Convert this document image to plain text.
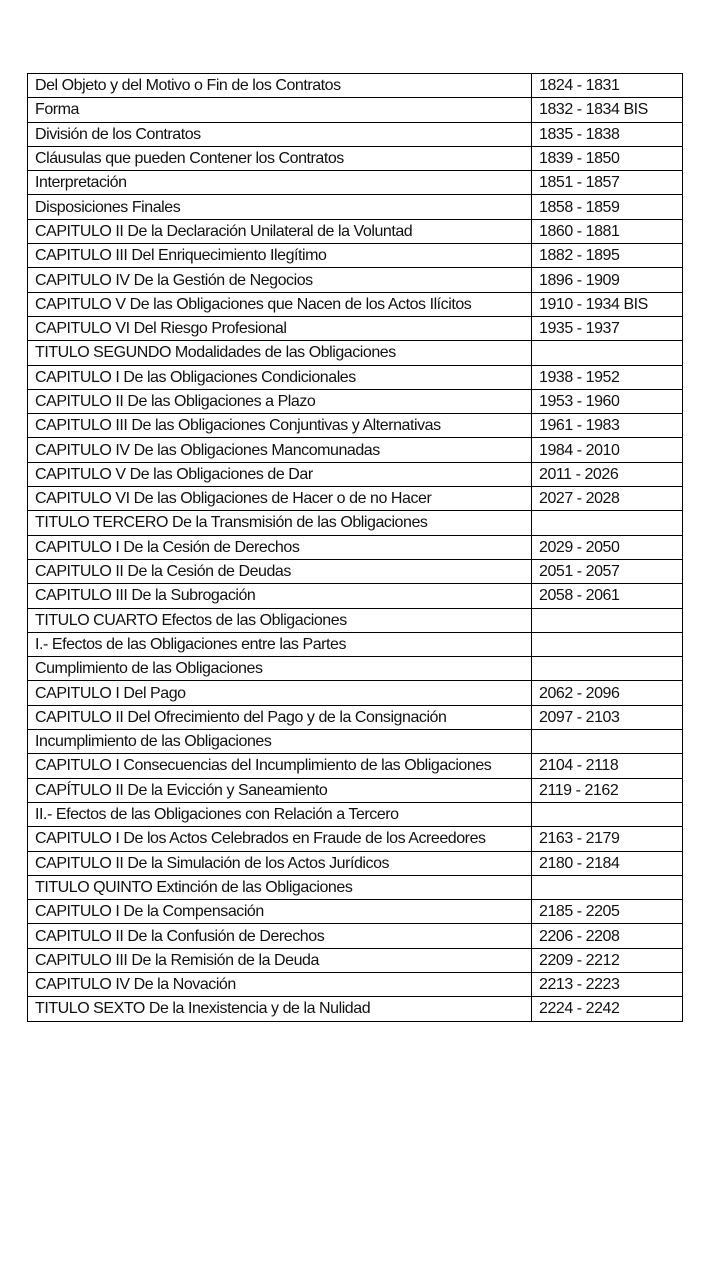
Del Objeto y del Motivo o Fin de los Contratos	1824 - 1831
Forma	1832 - 1834 BIS
División de los Contratos	1835 - 1838
Cláusulas que pueden Contener los Contratos	1839 - 1850
Interpretación	1851 - 1857
Disposiciones Finales	1858 - 1859
CAPITULO II De la Declaración Unilateral de la Voluntad	1860 - 1881
CAPITULO III Del Enriquecimiento Ilegítimo	1882 - 1895
CAPITULO IV De la Gestión de Negocios	1896 - 1909
CAPITULO V De las Obligaciones que Nacen de los Actos Ilícitos	1910 - 1934 BIS
CAPITULO VI Del Riesgo Profesional	1935 - 1937
TITULO SEGUNDO Modalidades de las Obligaciones	
CAPITULO I De las Obligaciones Condicionales	1938 - 1952
CAPITULO II De las Obligaciones a Plazo	1953 - 1960
CAPITULO III De las Obligaciones Conjuntivas y Alternativas	1961 - 1983
CAPITULO IV De las Obligaciones Mancomunadas	1984 - 2010
CAPITULO V De las Obligaciones de Dar	2011 - 2026
CAPITULO VI De las Obligaciones de Hacer o de no Hacer	2027 - 2028
TITULO TERCERO De la Transmisión de las Obligaciones	
CAPITULO I De la Cesión de Derechos	2029 - 2050
CAPITULO II De la Cesión de Deudas	2051 - 2057
CAPITULO III De la Subrogación	2058 - 2061
TITULO CUARTO Efectos de las Obligaciones	
I.- Efectos de las Obligaciones entre las Partes	
Cumplimiento de las Obligaciones	
CAPITULO I Del Pago	2062 - 2096
CAPITULO II Del Ofrecimiento del Pago y de la Consignación	2097 - 2103
Incumplimiento de las Obligaciones	
CAPITULO I Consecuencias del Incumplimiento de las Obligaciones	2104 - 2118
CAPÍTULO II De la Evicción y Saneamiento	2119 - 2162
II.- Efectos de las Obligaciones con Relación a Tercero	
CAPITULO I De los Actos Celebrados en Fraude de los Acreedores	2163 - 2179
CAPITULO II De la Simulación de los Actos Jurídicos	2180 - 2184
TITULO QUINTO Extinción de las Obligaciones	
CAPITULO I De la Compensación	2185 - 2205
CAPITULO II De la Confusión de Derechos	2206 - 2208
CAPITULO III De la Remisión de la Deuda	2209 - 2212
CAPITULO IV De la Novación	2213 - 2223
TITULO SEXTO De la Inexistencia y de la Nulidad	2224 - 2242
